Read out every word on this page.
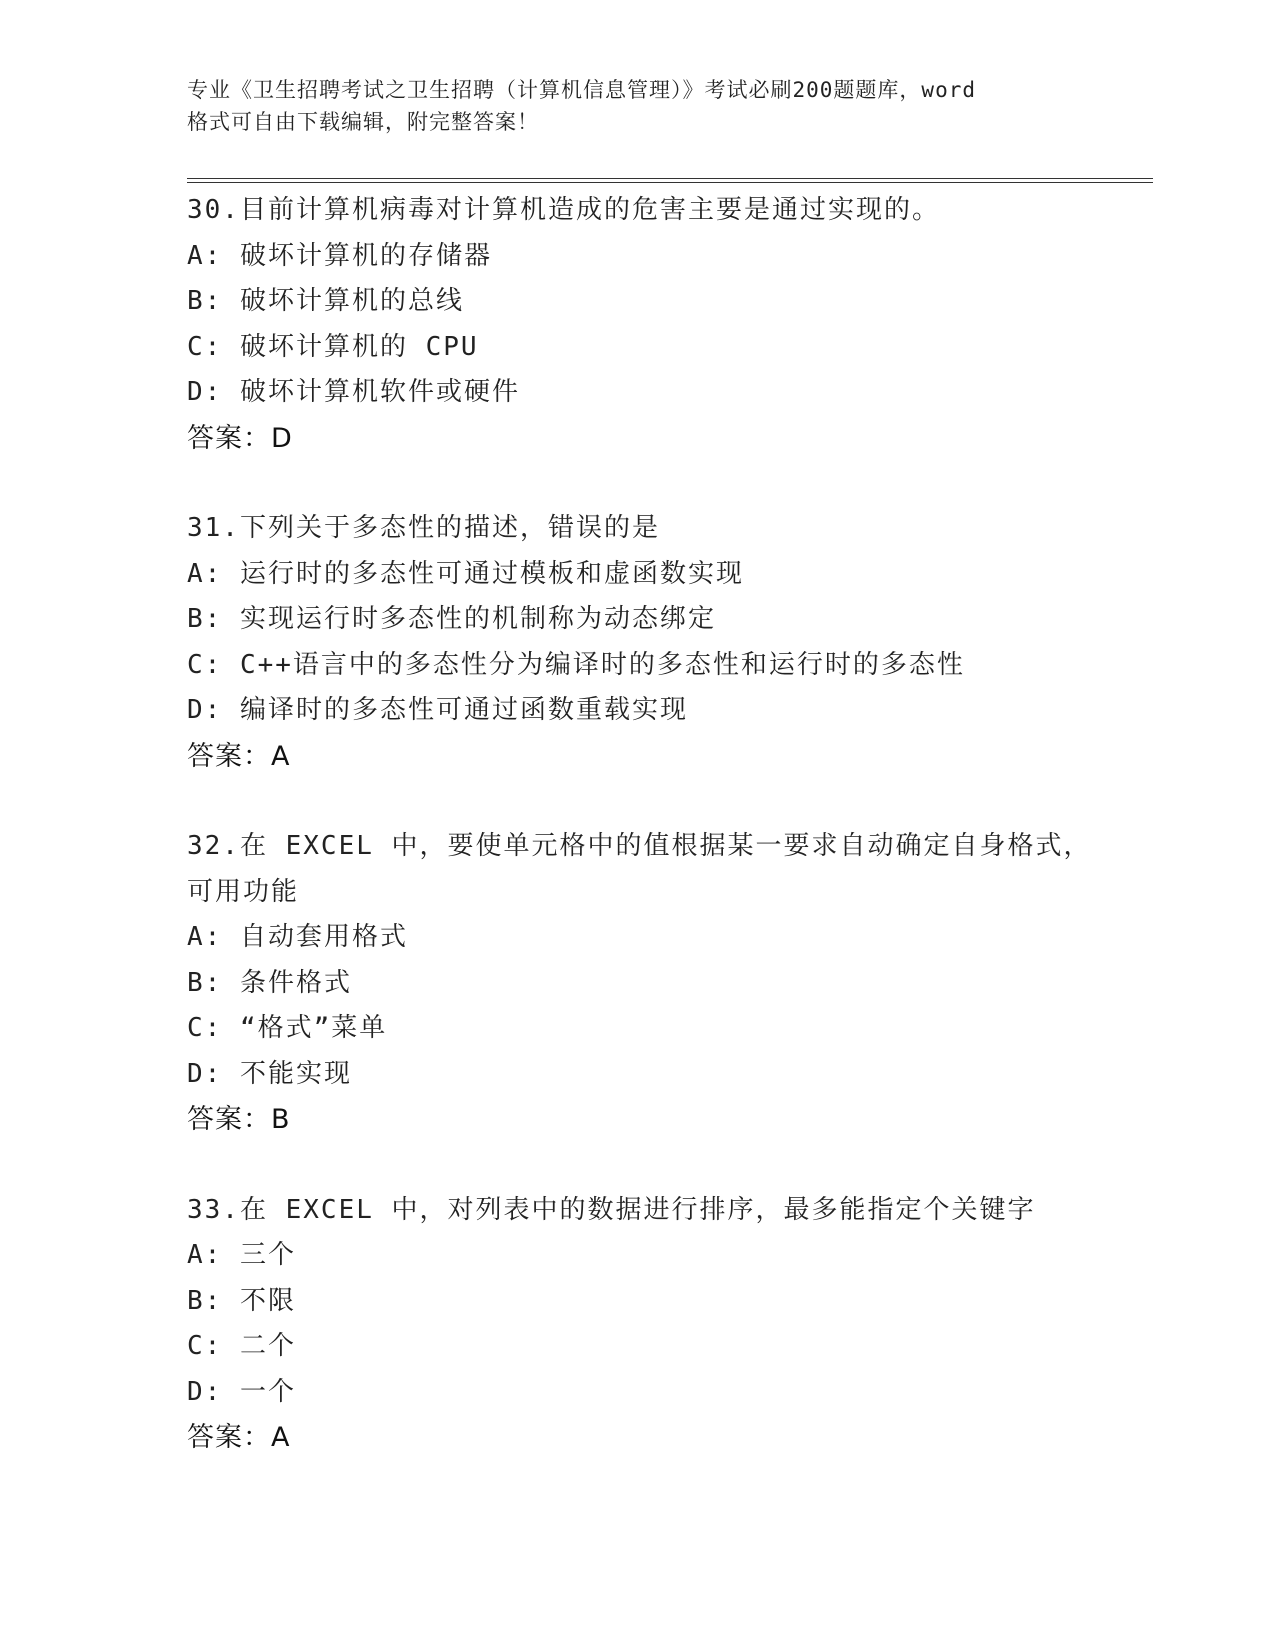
专业《卫生招聘考试之卫生招聘（计算机信息管理）》考试必刷200题题库，word
格式可自由下载编辑，附完整答案！
30.目前计算机病毒对计算机造成的危害主要是通过实现的。
A: 破坏计算机的存储器
B: 破坏计算机的总线
C: 破坏计算机的 CPU
D: 破坏计算机软件或硬件
答案：D
31.下列关于多态性的描述，错误的是
A: 运行时的多态性可通过模板和虚函数实现
B: 实现运行时多态性的机制称为动态绑定
C: C++语言中的多态性分为编译时的多态性和运行时的多态性
D: 编译时的多态性可通过函数重载实现
答案：A
32.在 EXCEL 中，要使单元格中的值根据某一要求自动确定自身格式，
可用功能
A: 自动套用格式
B: 条件格式
C: “格式”菜单
D: 不能实现
答案：B
33.在 EXCEL 中，对列表中的数据进行排序，最多能指定个关键字
A: 三个
B: 不限
C: 二个
D: 一个
答案：A
